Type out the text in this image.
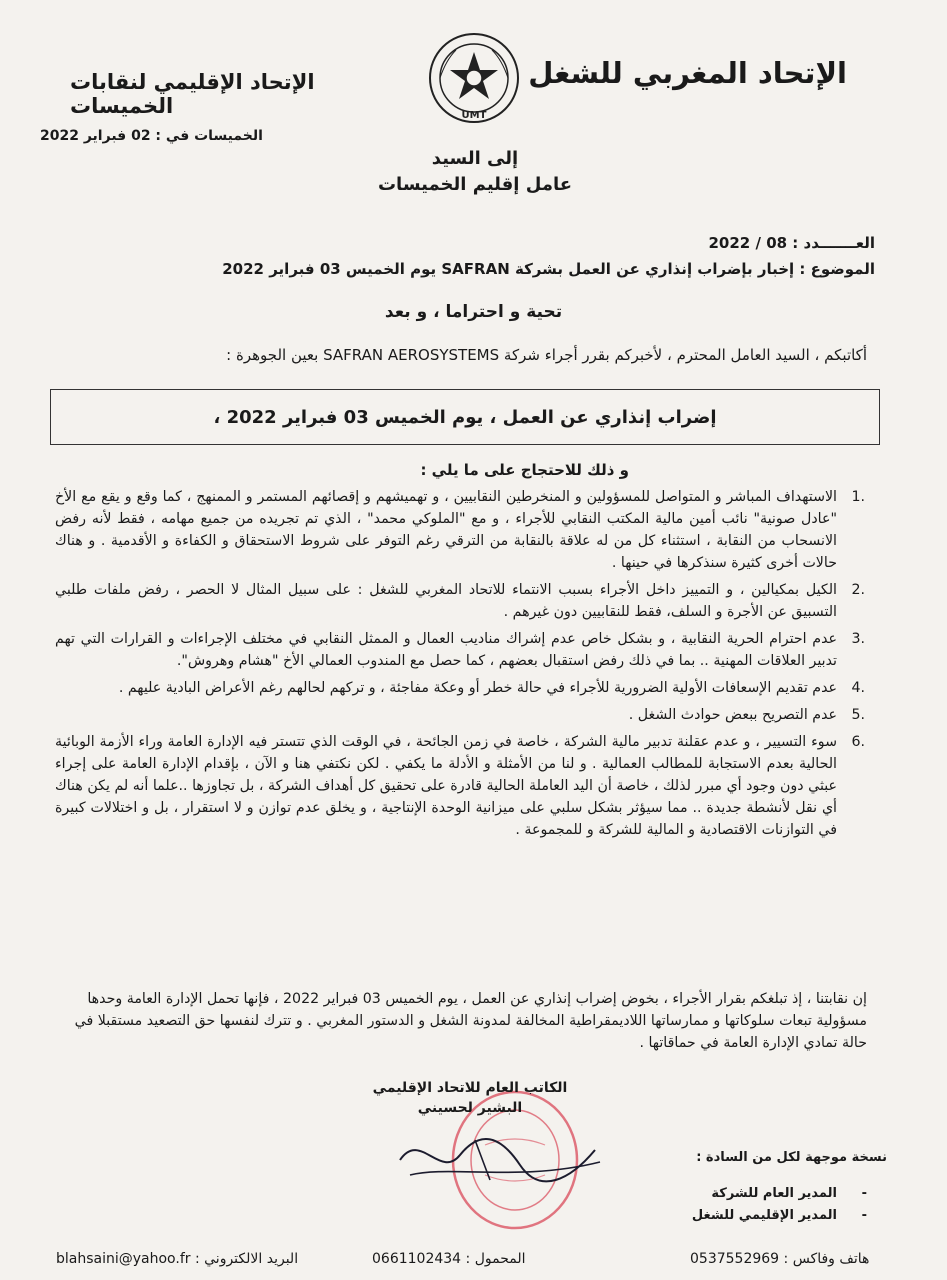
الإتحاد المغربي للشغل
UMT
الإتحاد الإقليمي لنقابات الخميسات
الخميسات في : 02 فبراير 2022
إلى السيد
عامل إقليم الخميسات
العـــــــدد : 08 / 2022
الموضوع : إخبار بإضراب إنذاري عن العمل بشركة SAFRAN يوم الخميس 03 فبراير 2022
تحية و احتراما ، و بعد
أكاتبكم ، السيد العامل المحترم ، لأخبركم بقرر أجراء شركة SAFRAN AEROSYSTEMS بعين الجوهرة :
إضراب إنذاري عن العمل ، يوم الخميس 03 فبراير 2022 ،
و ذلك للاحتجاج على ما يلي :
1.
الاستهداف المباشر و المتواصل للمسؤولين و المنخرطين النقابيين ، و تهميشهم و إقصائهم المستمر و الممنهج ، كما وقع و يقع مع الأخ "عادل صونية" نائب أمين مالية المكتب النقابي للأجراء ، و مع "الملوكي محمد" ، الذي تم تجريده من جميع مهامه ، فقط لأنه رفض الانسحاب من النقابة ، استثناء كل من له علاقة بالنقابة من الترقي رغم التوفر على شروط الاستحقاق و الكفاءة و الأقدمية . و هناك حالات أخرى كثيرة سنذكرها في حينها .
2.
الكيل بمكيالين ، و التمييز داخل الأجراء بسبب الانتماء للاتحاد المغربي للشغل : على سبيل المثال لا الحصر ، رفض ملفات طلبي التسبيق عن الأجرة و السلف، فقط للنقابيين دون غيرهم .
3.
عدم احترام الحرية النقابية ، و بشكل خاص عدم إشراك مناديب العمال و الممثل النقابي في مختلف الإجراءات و القرارات التي تهم تدبير العلاقات المهنية .. بما في ذلك رفض استقبال بعضهم ، كما حصل مع المندوب العمالي الأخ "هشام وهروش".
4.
عدم تقديم الإسعافات الأولية الضرورية للأجراء في حالة خطر أو وعكة مفاجئة ، و تركهم لحالهم رغم الأعراض البادية عليهم .
5.
عدم التصريح ببعض حوادث الشغل .
6.
سوء التسيير ، و عدم عقلنة تدبير مالية الشركة ، خاصة في زمن الجائحة ، في الوقت الذي تتستر فيه الإدارة العامة وراء الأزمة الوبائية الحالية بعدم الاستجابة للمطالب العمالية . و لنا من الأمثلة و الأدلة ما يكفي . لكن نكتفي هنا و الآن ، بإقدام الإدارة العامة على إجراء عبثي دون وجود أي مبرر لذلك ، خاصة أن اليد العاملة الحالية قادرة على تحقيق كل أهداف الشركة ، بل تجاوزها ..علما أنه لم يكن هناك أي نقل لأنشطة جديدة .. مما سيؤثر بشكل سلبي على ميزانية الوحدة الإنتاجية ، و يخلق عدم توازن و لا استقرار ، بل و اختلالات كبيرة في التوازنات الاقتصادية و المالية للشركة و للمجموعة .
إن نقابتنا ، إذ تبلغكم بقرار الأجراء ، بخوض إضراب إنذاري عن العمل ، يوم الخميس 03 فبراير 2022 ، فإنها تحمل الإدارة العامة وحدها مسؤولية تبعات سلوكاتها و ممارساتها اللاديمقراطية المخالفة لمدونة الشغل و الدستور المغربي . و تترك لنفسها حق التصعيد مستقبلا في حالة تمادي الإدارة العامة في حماقاتها .
الكاتب العام للاتحاد الإقليمي
البشير لحسيني
نسخة موجهة لكل من السادة :
-المدير العام للشركة
-المدير الإقليمي للشغل
هاتف وفاكس : 0537552969
المحمول : 0661102434
البريد الالكتروني : blahsaini@yahoo.fr
